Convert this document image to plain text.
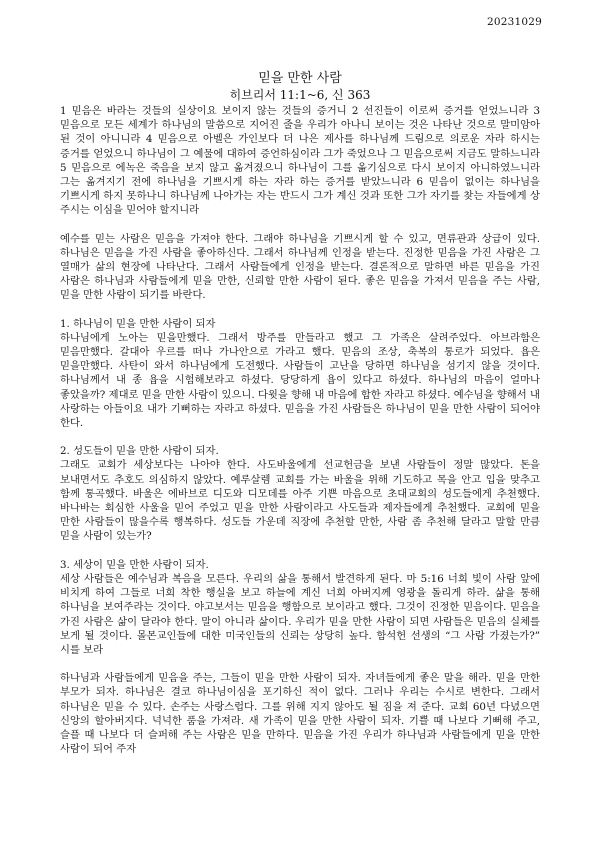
20231029
믿을 만한 사람
히브리서 11:1~6, 신 363

1 믿음은 바라는 것들의 실상이요 보이지 않는 것들의 증거니 2 선진들이 이로써 증거를 얻었느니라 3 믿음으로 모든 세계가 하나님의 말씀으로 지어진 줄을 우리가 아나니 보이는 것은 나타난 것으로 말미암아 된 것이 아니니라 4 믿음으로 아벨은 가인보다 더 나은 제사를 하나님께 드림으로 의로운 자라 하시는 증거를 얻었으니 하나님이 그 예물에 대하여 증언하심이라 그가 죽었으나 그 믿음으로써 지금도 말하느니라 5 믿음으로 에녹은 죽음을 보지 않고 옮겨졌으니 하나님이 그를 옮기심으로 다시 보이지 아니하였느니라 그는 옮겨지기 전에 하나님을 기쁘시게 하는 자라 하는 증거를 받았느니라 6 믿음이 없이는 하나님을 기쁘시게 하지 못하나니 하나님께 나아가는 자는 반드시 그가 계신 것과 또한 그가 자기를 찾는 자들에게 상 주시는 이심을 믿어야 할지니라

예수를 믿는 사람은 믿음을 가져야 한다. 그래야 하나님을 기쁘시게 할 수 있고, 면류관과 상급이 있다. 하나님은 믿음을 가진 사람을 좋아하신다. 그래서 하나님께 인정을 받는다. 진정한 믿음을 가진 사람은 그 열매가 삶의 현장에 나타난다. 그래서 사람들에게 인정을 받는다. 결론적으로 말하면 바른 믿음을 가진 사람은 하나님과 사람들에게 믿을 만한, 신뢰할 만한 사람이 된다. 좋은 믿음을 가져서 믿음을 주는 사람, 믿을 만한 사람이 되기를 바란다.

1. 하나님이 믿을 만한 사람이 되자

하나님에게 노아는 믿을만했다. 그래서 방주를 만들라고 했고 그 가족은 살려주었다. 아브라함은 믿음만했다. 갈대아 우르를 떠나 가나안으로 가라고 했다. 믿음의 조상, 축복의 통로가 되었다. 욥은 믿을만했다. 사탄이 와서 하나님에게 도전했다. 사람들이 고난을 당하면 하나님을 섬기지 않을 것이다. 하나님께서 내 종 욥을 시험해보라고 하셨다. 당당하게 욥이 있다고 하셨다. 하나님의 마음이 얼마나 좋았을까? 제대로 믿을 만한 사람이 있으니. 다윗을 향해 내 마음에 합한 자라고 하셨다. 예수님을 향해서 내 사랑하는 아들이요 내가 기뻐하는 자라고 하셨다. 믿음을 가진 사람들은 하나님이 믿을 만한 사람이 되어야 한다.

2. 성도들이 믿을 만한 사람이 되자.

그래도 교회가 세상보다는 나아야 한다. 사도바울에게 선교헌금을 보낸 사람들이 정말 많았다. 돈을 보내면서도 추호도 의심하지 않았다. 예루살렘 교회를 가는 바울을 위해 기도하고 목을 안고 입을 맞추고 함께 통곡했다. 바울은 에바브로 디도와 디모데를 아주 기쁜 마음으로 초대교회의 성도들에게 추천했다. 바나바는 회심한 사울을 믿어 주었고 믿을 만한 사람이라고 사도들과 제자들에게 추천했다. 교회에 믿을 만한 사람들이 많을수록 행복하다. 성도들 가운데 직장에 추천할 만한, 사람 좀 추천해 달라고 말할 만큼 믿을 사람이 있는가?

3. 세상이 믿을 만한 사람이 되자.

세상 사람들은 예수님과 복음을 모른다. 우리의 삶을 통해서 발견하게 된다. 마 5:16 너희 빛이 사람 앞에 비치게 하여 그들로 너희 착한 행실을 보고 하늘에 계신 너희 아버지께 영광을 돌리게 하라. 삶을 통해 하나님을 보여주라는 것이다. 야고보서는 믿음을 행함으로 보이라고 했다. 그것이 진정한 믿음이다. 믿음을 가진 사람은 삶이 달라야 한다. 말이 아니라 삶이다. 우리가 믿을 만한 사람이 되면 사람들은 믿음의 실체를 보게 될 것이다. 몰몬교인들에 대한 미국인들의 신뢰는 상당히 높다. 함석헌 선생의 “그 사람 가졌는가?” 시를 보라

하나님과 사람들에게 믿음을 주는, 그들이 믿을 만한 사람이 되자. 자녀들에게 좋은 말을 해라. 믿을 만한 부모가 되자. 하나님은 결코 하나님이심을 포기하신 적이 없다. 그러나 우리는 수시로 변한다. 그래서 하나님은 믿을 수 있다. 손주는 사랑스럽다. 그를 위해 지지 않아도 될 짐을 져 준다. 교회 60년 다녔으면 신앙의 할아버지다. 넉넉한 품을 가져라. 새 가족이 믿을 만한 사람이 되자. 기쁠 때 나보다 기뻐해 주고, 슬플 때 나보다 더 슬퍼해 주는 사람은 믿을 만하다. 믿음을 가진 우리가 하나님과 사람들에게 믿을 만한 사람이 되어 주자
